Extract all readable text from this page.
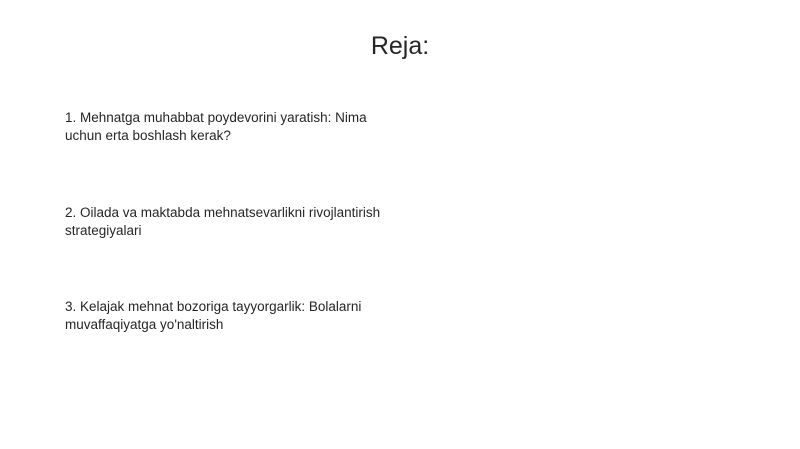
Reja:
1. Mehnatga muhabbat poydevorini yaratish: Nima
uchun erta boshlash kerak?
2. Oilada va maktabda mehnatsevarlikni rivojlantirish
strategiyalari
3. Kelajak mehnat bozoriga tayyorgarlik: Bolalarni
muvaffaqiyatga yo'naltirish
